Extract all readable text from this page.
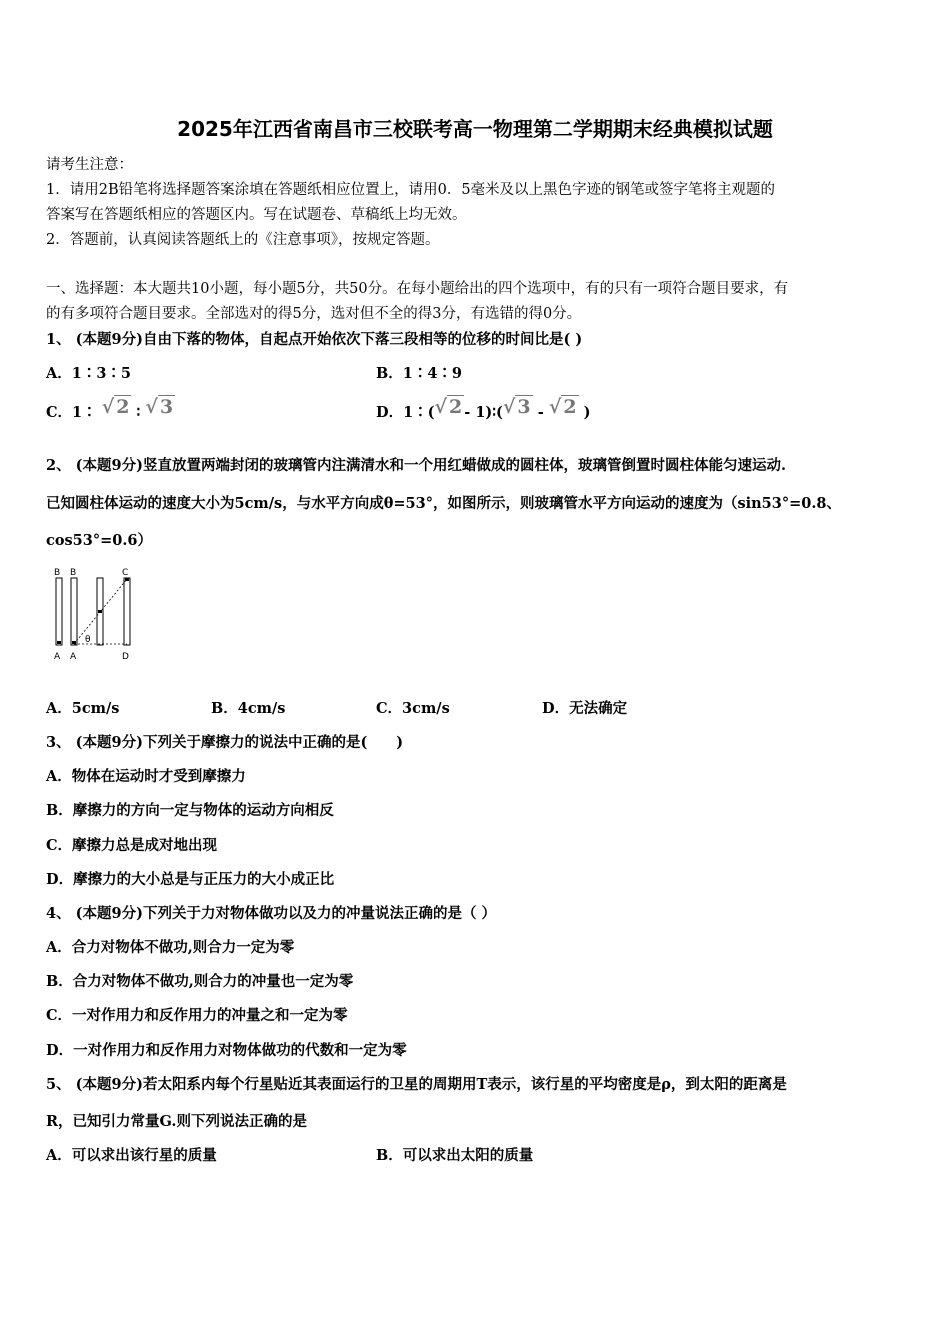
2025年江西省南昌市三校联考高一物理第二学期期末经典模拟试题
请考生注意：
1．请用2B铅笔将选择题答案涂填在答题纸相应位置上，请用0．5毫米及以上黑色字迹的钢笔或签字笔将主观题的
答案写在答题纸相应的答题区内。写在试题卷、草稿纸上均无效。
2．答题前，认真阅读答题纸上的《注意事项》，按规定答题。
一、选择题：本大题共10小题，每小题5分，共50分。在每小题给出的四个选项中，有的只有一项符合题目要求，有
的有多项符合题目要求。全部选对的得5分，选对但不全的得3分，有选错的得0分。
1、 (本题9分)自由下落的物体，自起点开始依次下落三段相等的位移的时间比是( )
A．1∶3∶5	B．1∶4∶9
C．1∶ √ 2 ∶ √ 3	D．1∶(√ 2 - 1)∶(√ 3 - √ 2 )
2、 (本题9分)竖直放置两端封闭的玻璃管内注满清水和一个用红蜡做成的圆柱体，玻璃管倒置时圆柱体能匀速运动.
已知圆柱体运动的速度大小为5cm/s，与水平方向成θ=53°，如图所示，则玻璃管水平方向运动的速度为（sin53°=0.8、
cos53°=0.6）
B B	C
θ
A A	D
A．5cm/s	B．4cm/s	C．3cm/s	D．无法确定
3、 (本题9分)下列关于摩擦力的说法中正确的是(　　)
A．物体在运动时才受到摩擦力
B．摩擦力的方向一定与物体的运动方向相反
C．摩擦力总是成对地出现
D．摩擦力的大小总是与正压力的大小成正比
4、 (本题9分)下列关于力对物体做功以及力的冲量说法正确的是（ ）
A．合力对物体不做功,则合力一定为零
B．合力对物体不做功,则合力的冲量也一定为零
C．一对作用力和反作用力的冲量之和一定为零
D．一对作用力和反作用力对物体做功的代数和一定为零
5、 (本题9分)若太阳系内每个行星贴近其表面运行的卫星的周期用T表示，该行星的平均密度是ρ，到太阳的距离是
R，已知引力常量G.则下列说法正确的是
A．可以求出该行星的质量	B．可以求出太阳的质量
